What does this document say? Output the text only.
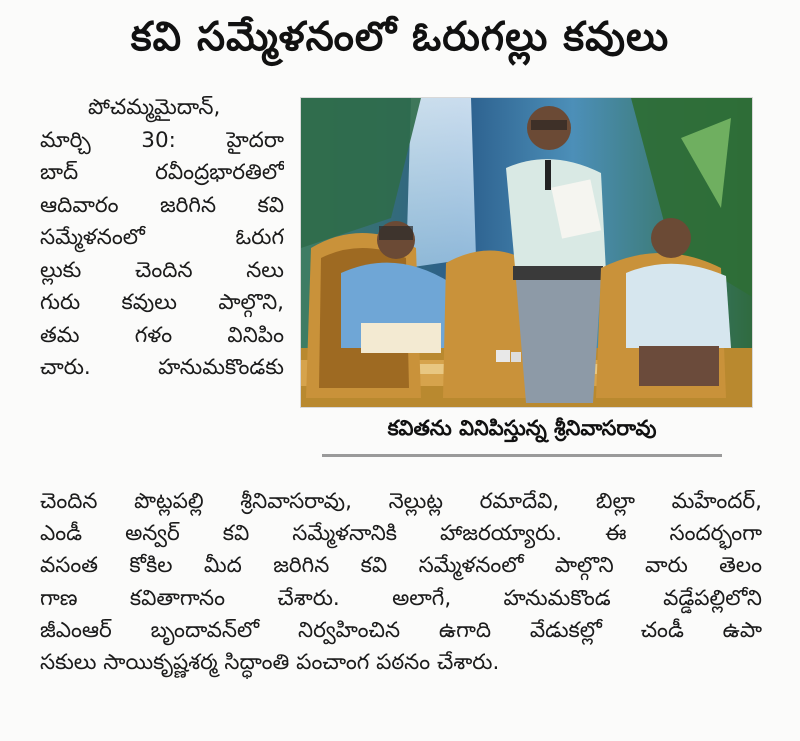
కవి సమ్మేళనంలో ఓరుగల్లు కవులు
పోచమ్మమైదాన్,
మార్చి 30: హైదరా
బాద్ రవీంద్రభారతిలో
ఆదివారం జరిగిన కవి
సమ్మేళనంలో ఓరుగ
ల్లుకు చెందిన నలు
గురు కవులు పాల్గొని,
తమ గళం వినిపిం
చారు. హనుమకొండకు
కవితను వినిపిస్తున్న శ్రీనివాసరావు
చెందిన పొట్లపల్లి శ్రీనివాసరావు, నెల్లుట్ల రమాదేవి, బిల్లా మహేందర్,
ఎండీ అన్వర్ కవి సమ్మేళనానికి హాజరయ్యారు. ఈ సందర్భంగా
వసంత కోకిల మీద జరిగిన కవి సమ్మేళనంలో పాల్గొని వారు తెలం
గాణ కవితాగానం చేశారు. అలాగే, హనుమకొండ వడ్డేపల్లిలోని
జీఎంఆర్ బృందావన్‌లో నిర్వహించిన ఉగాది వేడుకల్లో చండీ ఉపా
సకులు సాయికృష్ణశర్మ సిద్ధాంతి పంచాంగ పఠనం చేశారు.
